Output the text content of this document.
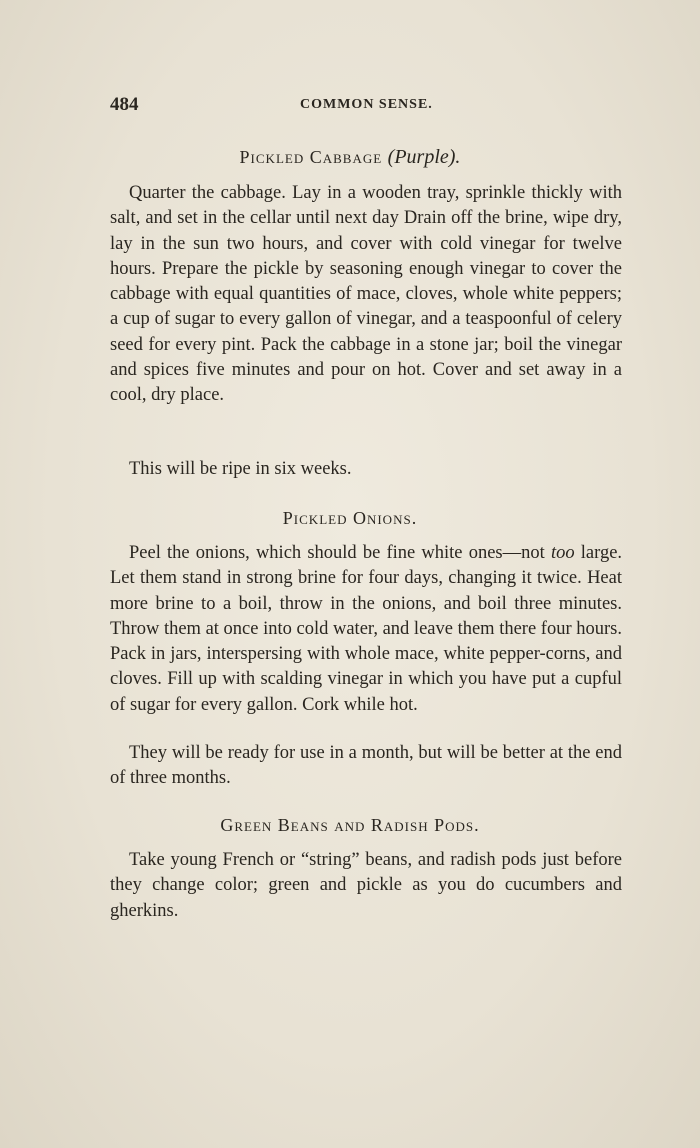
484	COMMON SENSE.
Pickled Cabbage (Purple).

Quarter the cabbage. Lay in a wooden tray, sprinkle thickly with salt, and set in the cellar until next day Drain off the brine, wipe dry, lay in the sun two hours, and cover with cold vinegar for twelve hours. Prepare the pickle by seasoning enough vinegar to cover the cabbage with equal quantities of mace, cloves, whole white peppers; a cup of sugar to every gallon of vinegar, and a teaspoonful of celery seed for every pint. Pack the cabbage in a stone jar; boil the vinegar and spices five minutes and pour on hot. Cover and set away in a cool, dry place.

This will be ripe in six weeks.

Pickled Onions.

Peel the onions, which should be fine white ones—not too large. Let them stand in strong brine for four days, changing it twice. Heat more brine to a boil, throw in the onions, and boil three minutes. Throw them at once into cold water, and leave them there four hours. Pack in jars, interspersing with whole mace, white pepper-corns, and cloves. Fill up with scalding vinegar in which you have put a cupful of sugar for every gallon. Cork while hot.

They will be ready for use in a month, but will be better at the end of three months.

Green Beans and Radish Pods.

Take young French or “string” beans, and radish pods just before they change color; green and pickle as you do cucumbers and gherkins.
